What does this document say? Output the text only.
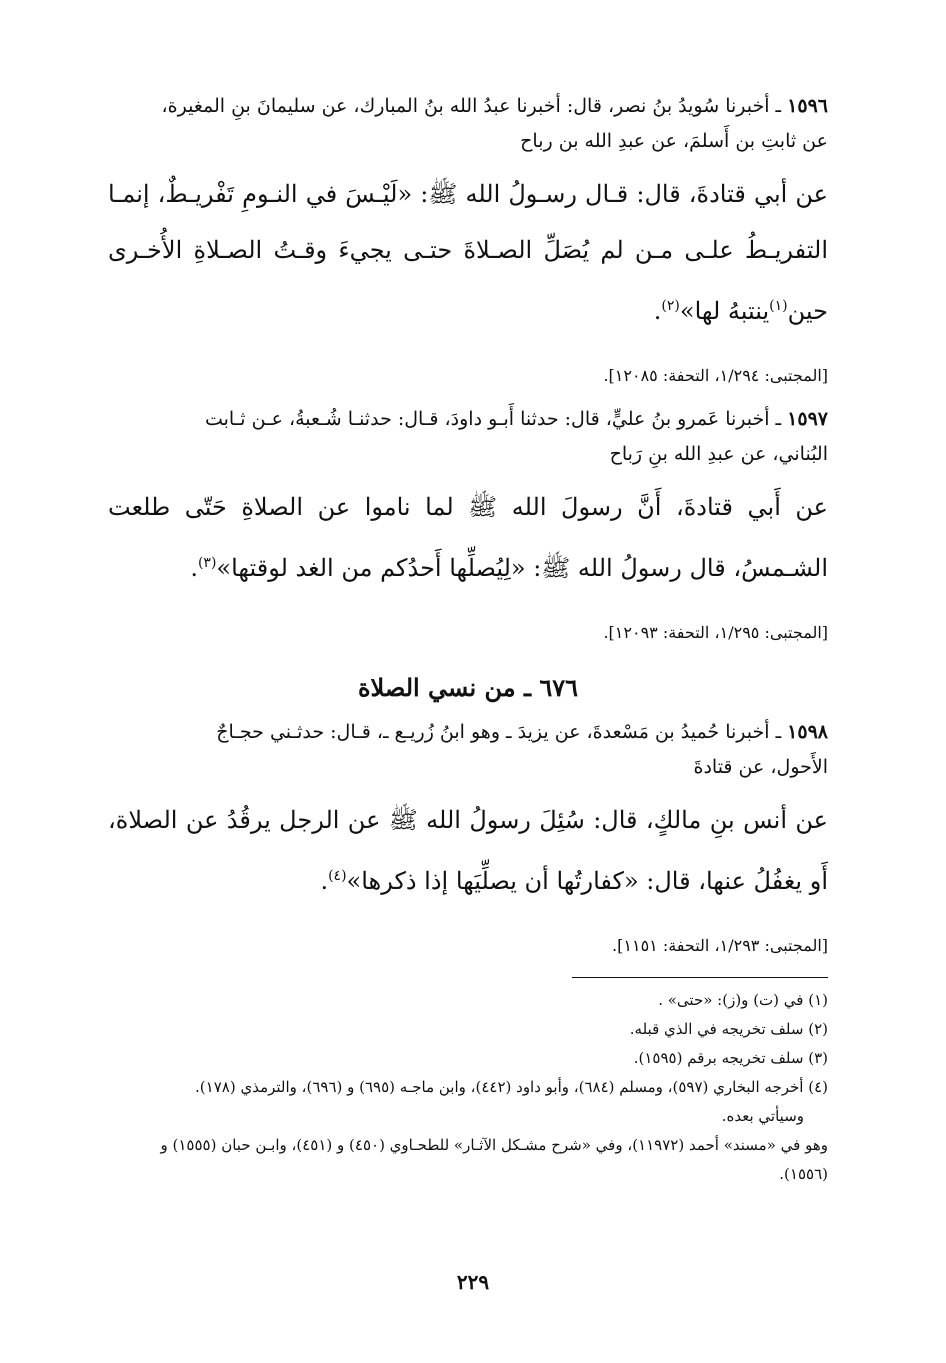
١٥٩٦ ـ أخبرنا سُويدُ بنُ نصر، قال: أخبرنا عبدُ الله بنُ المبارك، عن سليمانَ بنِ المغيرة،

عن ثابتِ بن أَسلمَ، عن عبدِ الله بن رباح

عن أبي قتادةَ، قال: قـال رسـولُ الله ﷺ: «لَيْـسَ في النـومِ تَفْريـطٌ، إنمـا التفريـطُ علـى مـن لم يُصَلِّ الصـلاةَ حتـى يجيءَ وقـتُ الصـلاةِ الأُخـرى حين$^{(١)}$ينتبهُ لها»$^{(٢)}$.

[المجتبى: ١/٢٩٤، التحفة: ١٢٠٨٥].

١٥٩٧ ـ أخبرنا عَمرو بنُ عليٍّ، قال: حدثنا أَبـو داودَ، قـال: حدثنـا شُـعبةُ، عـن ثـابت

البُناني، عن عبدِ الله بنِ رَباح

عن أَبي قتادةَ، أَنَّ رسولَ الله ﷺ لما ناموا عن الصلاةِ حَتّى طلعت الشـمسُ، قال رسولُ الله ﷺ: «لِيُصلِّها أَحدُكم من الغد لوقتها»$^{(٣)}$.

[المجتبى: ١/٢٩٥، التحفة: ١٢٠٩٣].

٦٧٦ ـ من نسي الصلاة

١٥٩٨ ـ أخبرنا حُميدُ بن مَسْعدةَ، عن يزيدَ ـ وهو ابنُ زُريـع ـ، قـال: حدثـني حجـاجٌ

الأَحول، عن قتادةَ

عن أنس بنِ مالكٍ، قال: سُئِلَ رسولُ الله ﷺ عن الرجل يرقُدُ عن الصلاة، أَو يغفُلُ عنها، قال: «كفارتُها أن يصلِّيَها إذا ذكرها»$^{(٤)}$.

[المجتبى: ١/٢٩٣، التحفة: ١١٥١].

(١) في (ت) و(ز): «حتى» .

(٢) سلف تخريجه في الذي قبله.

(٣) سلف تخريجه برقم (١٥٩٥).

(٤) أخرجه البخاري (٥٩٧)، ومسلم (٦٨٤)، وأبو داود (٤٤٢)، وابن ماجـه (٦٩٥) و (٦٩٦)، والترمذي (١٧٨).

وسيأتي بعده.

وهو في «مسند» أحمد (١١٩٧٢)، وفي «شرح مشـكل الآثـار» للطحـاوي (٤٥٠) و (٤٥١)، وابـن حبان (١٥٥٥) و (١٥٥٦).

٢٢٩
